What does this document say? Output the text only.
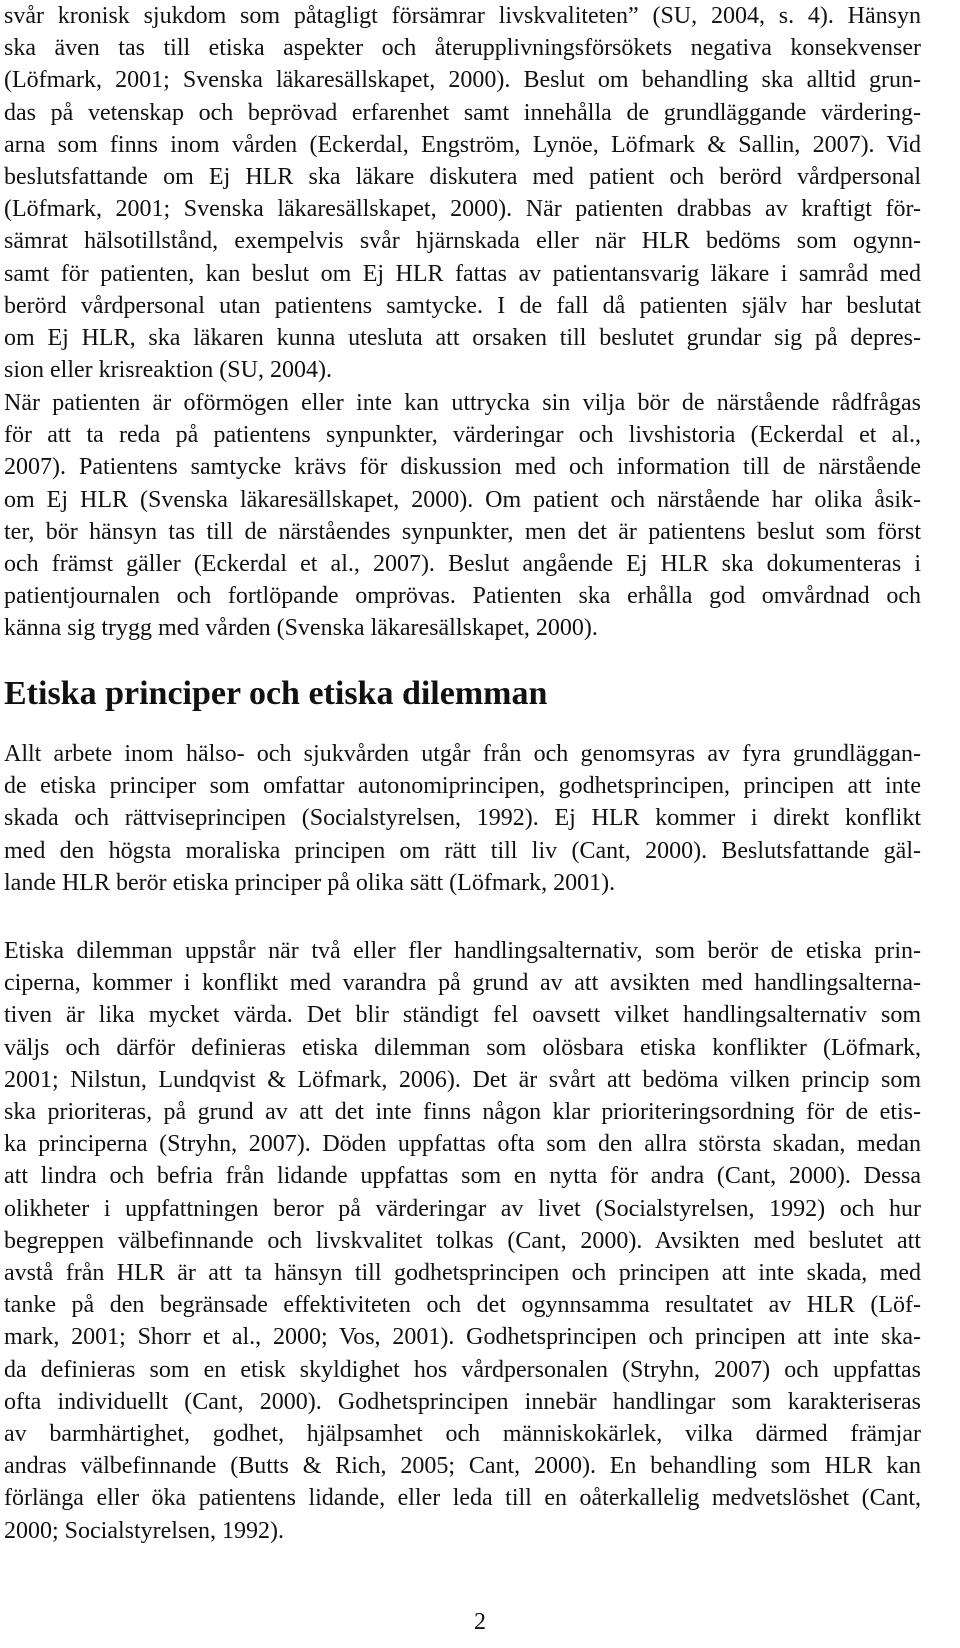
svår kronisk sjukdom som påtagligt försämrar livskvaliteten” (SU, 2004, s. 4). Hänsyn
ska även tas till etiska aspekter och återupplivningsförsökets negativa konsekvenser
(Löfmark, 2001; Svenska läkaresällskapet, 2000). Beslut om behandling ska alltid grun-
das på vetenskap och beprövad erfarenhet samt innehålla de grundläggande värdering-
arna som finns inom vården (Eckerdal, Engström, Lynöe, Löfmark & Sallin, 2007). Vid
beslutsfattande om Ej HLR ska läkare diskutera med patient och berörd vårdpersonal
(Löfmark, 2001; Svenska läkaresällskapet, 2000). När patienten drabbas av kraftigt för-
sämrat hälsotillstånd, exempelvis svår hjärnskada eller när HLR bedöms som ogynn-
samt för patienten, kan beslut om Ej HLR fattas av patientansvarig läkare i samråd med
berörd vårdpersonal utan patientens samtycke. I de fall då patienten själv har beslutat
om Ej HLR, ska läkaren kunna utesluta att orsaken till beslutet grundar sig på depres-
sion eller krisreaktion (SU, 2004).

När patienten är oförmögen eller inte kan uttrycka sin vilja bör de närstående rådfrågas
för att ta reda på patientens synpunkter, värderingar och livshistoria (Eckerdal et al.,
2007). Patientens samtycke krävs för diskussion med och information till de närstående
om Ej HLR (Svenska läkaresällskapet, 2000). Om patient och närstående har olika åsik-
ter, bör hänsyn tas till de närståendes synpunkter, men det är patientens beslut som först
och främst gäller (Eckerdal et al., 2007). Beslut angående Ej HLR ska dokumenteras i
patientjournalen och fortlöpande omprövas. Patienten ska erhålla god omvårdnad och
känna sig trygg med vården (Svenska läkaresällskapet, 2000).

Etiska principer och etiska dilemman

Allt arbete inom hälso- och sjukvården utgår från och genomsyras av fyra grundläggan-
de etiska principer som omfattar autonomiprincipen, godhetsprincipen, principen att inte
skada och rättviseprincipen (Socialstyrelsen, 1992). Ej HLR kommer i direkt konflikt
med den högsta moraliska principen om rätt till liv (Cant, 2000). Beslutsfattande gäl-
lande HLR berör etiska principer på olika sätt (Löfmark, 2001).

Etiska dilemman uppstår när två eller fler handlingsalternativ, som berör de etiska prin-
ciperna, kommer i konflikt med varandra på grund av att avsikten med handlingsalterna-
tiven är lika mycket värda. Det blir ständigt fel oavsett vilket handlingsalternativ som
väljs och därför definieras etiska dilemman som olösbara etiska konflikter (Löfmark,
2001; Nilstun, Lundqvist & Löfmark, 2006). Det är svårt att bedöma vilken princip som
ska prioriteras, på grund av att det inte finns någon klar prioriteringsordning för de etis-
ka principerna (Stryhn, 2007). Döden uppfattas ofta som den allra största skadan, medan
att lindra och befria från lidande uppfattas som en nytta för andra (Cant, 2000). Dessa
olikheter i uppfattningen beror på värderingar av livet (Socialstyrelsen, 1992) och hur
begreppen välbefinnande och livskvalitet tolkas (Cant, 2000). Avsikten med beslutet att
avstå från HLR är att ta hänsyn till godhetsprincipen och principen att inte skada, med
tanke på den begränsade effektiviteten och det ogynnsamma resultatet av HLR (Löf-
mark, 2001; Shorr et al., 2000; Vos, 2001). Godhetsprincipen och principen att inte ska-
da definieras som en etisk skyldighet hos vårdpersonalen (Stryhn, 2007) och uppfattas
ofta individuellt (Cant, 2000). Godhetsprincipen innebär handlingar som karakteriseras
av barmhärtighet, godhet, hjälpsamhet och människokärlek, vilka därmed främjar
andras välbefinnande (Butts & Rich, 2005; Cant, 2000). En behandling som HLR kan
förlänga eller öka patientens lidande, eller leda till en oåterkallelig medvetslöshet (Cant,
2000; Socialstyrelsen, 1992).

2
